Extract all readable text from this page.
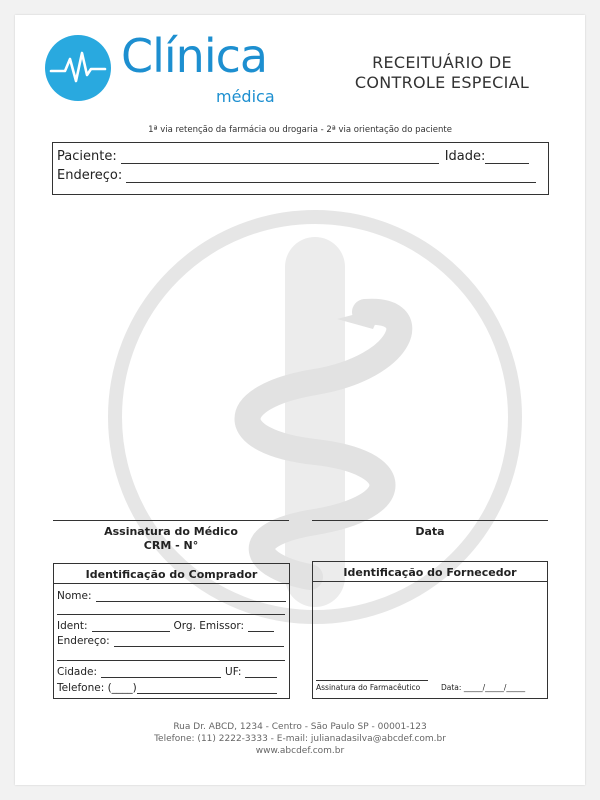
Clínica
médica
RECEITUÁRIO DE
CONTROLE ESPECIAL
1ª via retenção da farmácia ou drogaria - 2ª via orientação do paciente
Paciente:	Idade:
Endereço:
Assinatura do Médico
CRM - N°
Data
Identificação do Comprador
Nome:
Ident:	Org. Emissor:
Endereço:
Cidade:	UF:
Telefone: (____)
Identificação do Fornecedor
Assinatura do Farmacêutico	Data: _____/_____/_____
Rua Dr. ABCD, 1234 - Centro - São Paulo SP - 00001-123
Telefone: (11) 2222-3333 - E-mail: julianadasilva@abcdef.com.br
www.abcdef.com.br
